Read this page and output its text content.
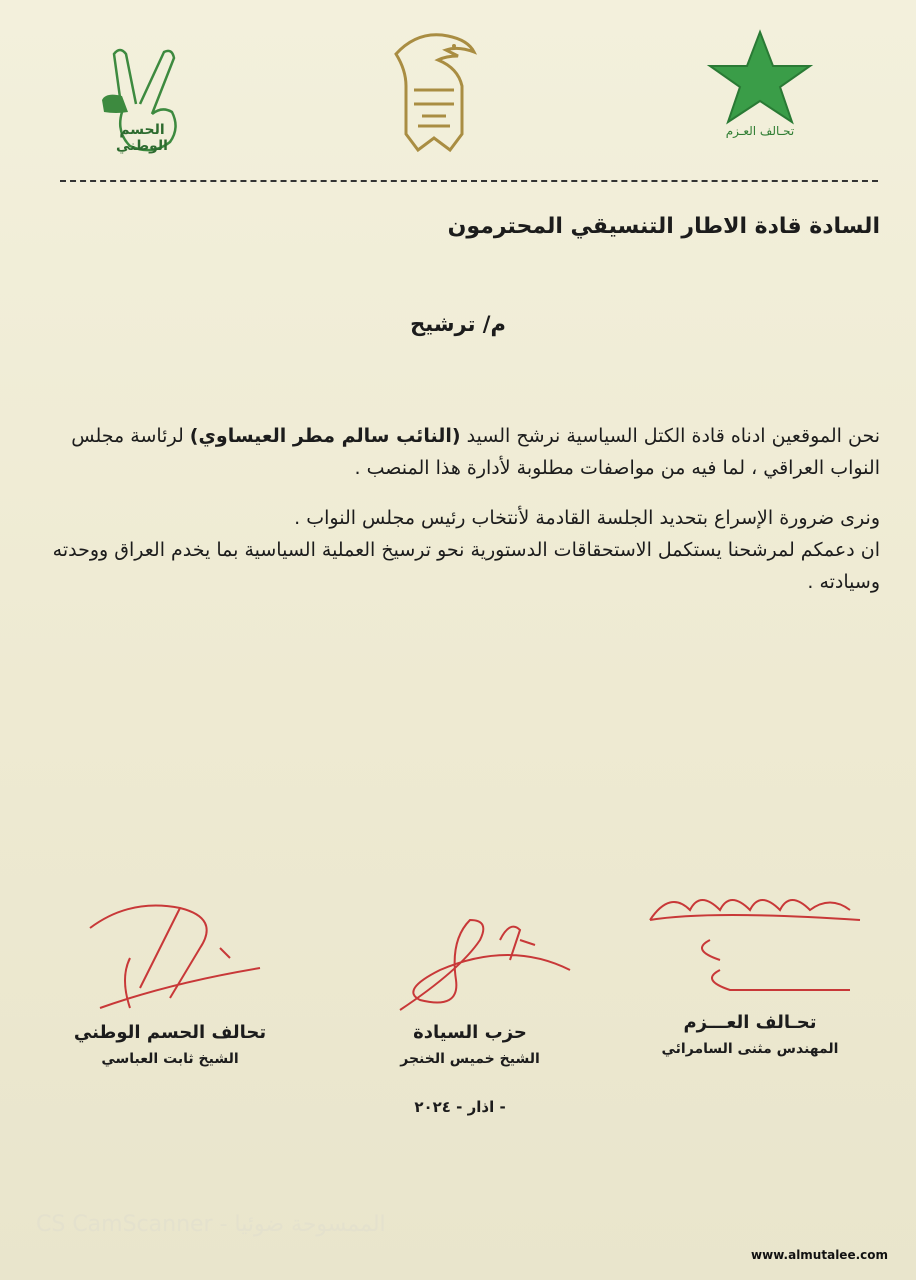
الحسم الوطني
تحـالف العـزم
السادة قادة الاطار التنسيقي المحترمون
م/ ترشيح

نحن الموقعين ادناه قادة الكتل السياسية نرشح السيد (النائب سالم مطر العيساوي) لرئاسة مجلس النواب العراقي ، لما فيه من مواصفات مطلوبة لأدارة هذا المنصب .

ونرى ضرورة الإسراع بتحديد الجلسة القادمة لأنتخاب رئيس مجلس النواب .

ان دعمكم لمرشحنا يستكمل الاستحقاقات الدستورية نحو ترسيخ العملية السياسية بما يخدم العراق ووحدته وسيادته .

تحالف الحسم الوطني
الشيخ ثابت العباسي
حزب السيادة
الشيخ خميس الخنجر
تحـالف العـــزم
المهندس مثنى السامرائي
- اذار - ٢٠٢٤
CS CamScanner - الممسوحة ضوئيا
www.almutalee.com
